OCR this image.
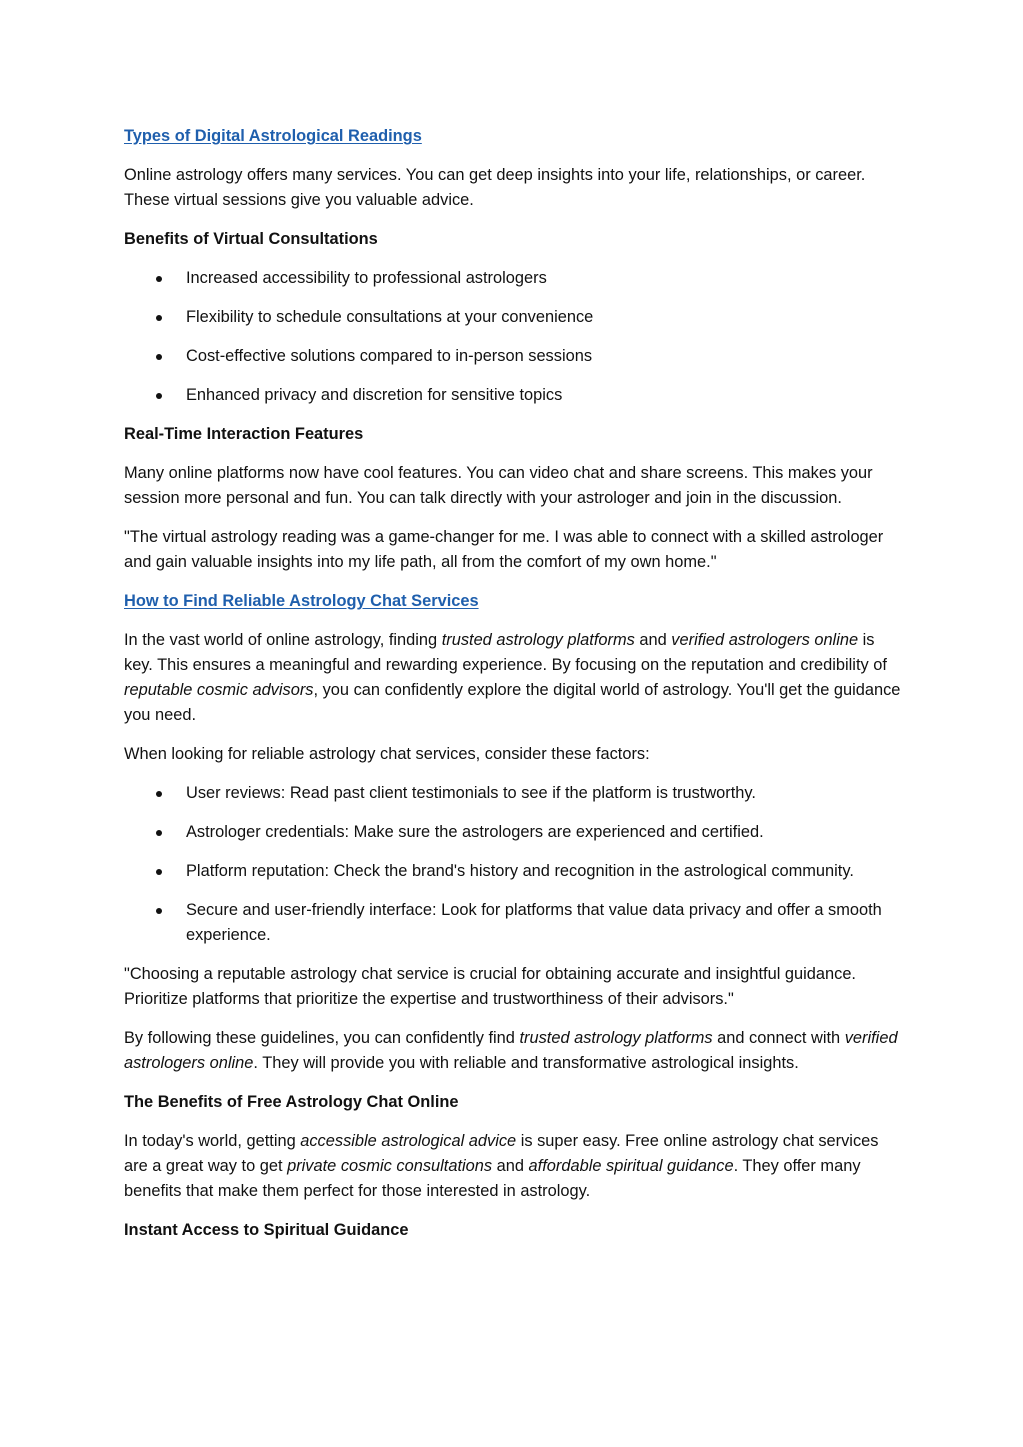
Types of Digital Astrological Readings

Online astrology offers many services. You can get deep insights into your life, relationships, or career. These virtual sessions give you valuable advice.

Benefits of Virtual Consultations

Increased accessibility to professional astrologers
Flexibility to schedule consultations at your convenience
Cost-effective solutions compared to in-person sessions
Enhanced privacy and discretion for sensitive topics

Real-Time Interaction Features

Many online platforms now have cool features. You can video chat and share screens. This makes your session more personal and fun. You can talk directly with your astrologer and join in the discussion.

"The virtual astrology reading was a game-changer for me. I was able to connect with a skilled astrologer and gain valuable insights into my life path, all from the comfort of my own home."

How to Find Reliable Astrology Chat Services

In the vast world of online astrology, finding trusted astrology platforms and verified astrologers online is key. This ensures a meaningful and rewarding experience. By focusing on the reputation and credibility of reputable cosmic advisors, you can confidently explore the digital world of astrology. You'll get the guidance you need.

When looking for reliable astrology chat services, consider these factors:

User reviews: Read past client testimonials to see if the platform is trustworthy.
Astrologer credentials: Make sure the astrologers are experienced and certified.
Platform reputation: Check the brand's history and recognition in the astrological community.
Secure and user-friendly interface: Look for platforms that value data privacy and offer a smooth experience.

"Choosing a reputable astrology chat service is crucial for obtaining accurate and insightful guidance. Prioritize platforms that prioritize the expertise and trustworthiness of their advisors."

By following these guidelines, you can confidently find trusted astrology platforms and connect with verified astrologers online. They will provide you with reliable and transformative astrological insights.

The Benefits of Free Astrology Chat Online

In today's world, getting accessible astrological advice is super easy. Free online astrology chat services are a great way to get private cosmic consultations and affordable spiritual guidance. They offer many benefits that make them perfect for those interested in astrology.

Instant Access to Spiritual Guidance
